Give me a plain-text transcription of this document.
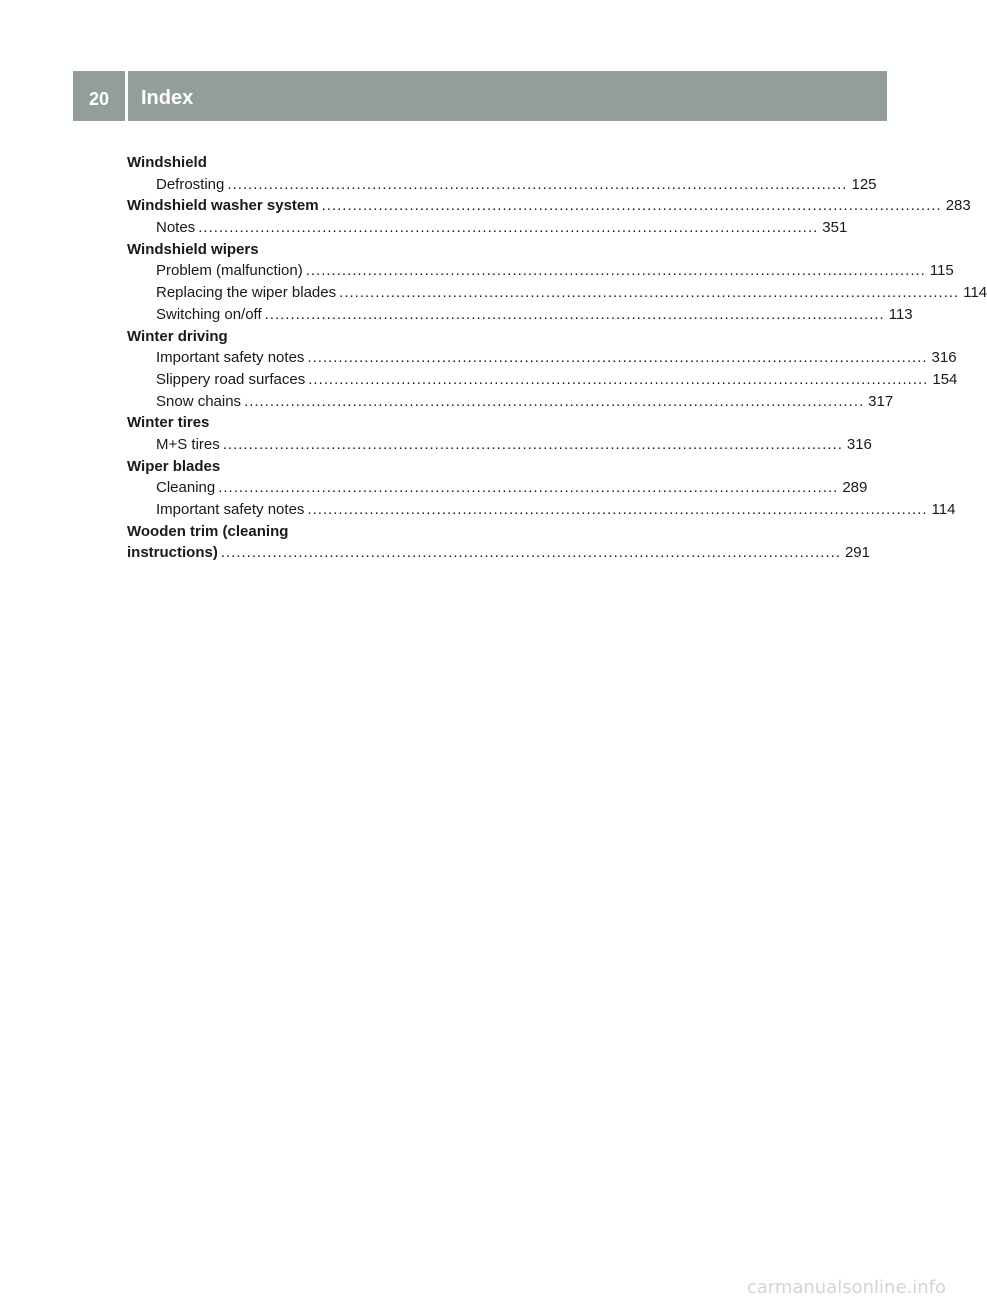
20	Index
Windshield
Defrosting ........................................................................................................................ 125
Windshield washer system ........................................................................................................................ 283
Notes ........................................................................................................................ 351
Windshield wipers
Problem (malfunction) ........................................................................................................................ 115
Replacing the wiper blades ........................................................................................................................ 114
Switching on/off ........................................................................................................................ 113
Winter driving
Important safety notes ........................................................................................................................ 316
Slippery road surfaces ........................................................................................................................ 154
Snow chains ........................................................................................................................ 317
Winter tires
M+S tires ........................................................................................................................ 316
Wiper blades
Cleaning ........................................................................................................................ 289
Important safety notes ........................................................................................................................ 114
Wooden trim (cleaning
instructions) ........................................................................................................................ 291
carmanualsonline.info
